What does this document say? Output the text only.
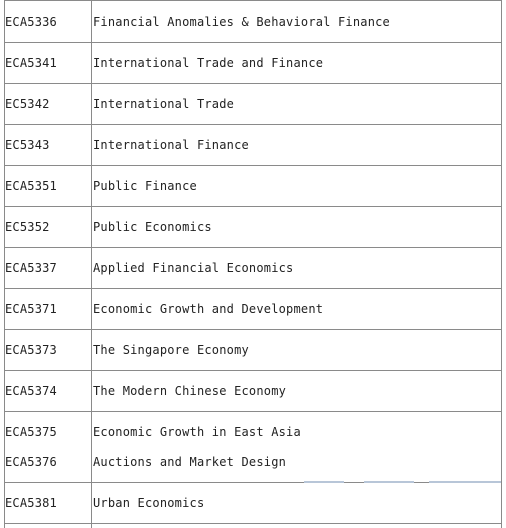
ECA5336	Financial Anomalies & Behavioral Finance
ECA5341	International Trade and Finance
EC5342	International Trade
EC5343	International Finance
ECA5351	Public Finance
EC5352	Public Economics
ECA5337	Applied Financial Economics
ECA5371	Economic Growth and Development
ECA5373	The Singapore Economy
ECA5374	The Modern Chinese Economy
ECA5375	Economic Growth in East Asia
ECA5376	Auctions and Market Design
ECA5381	Urban Economics
